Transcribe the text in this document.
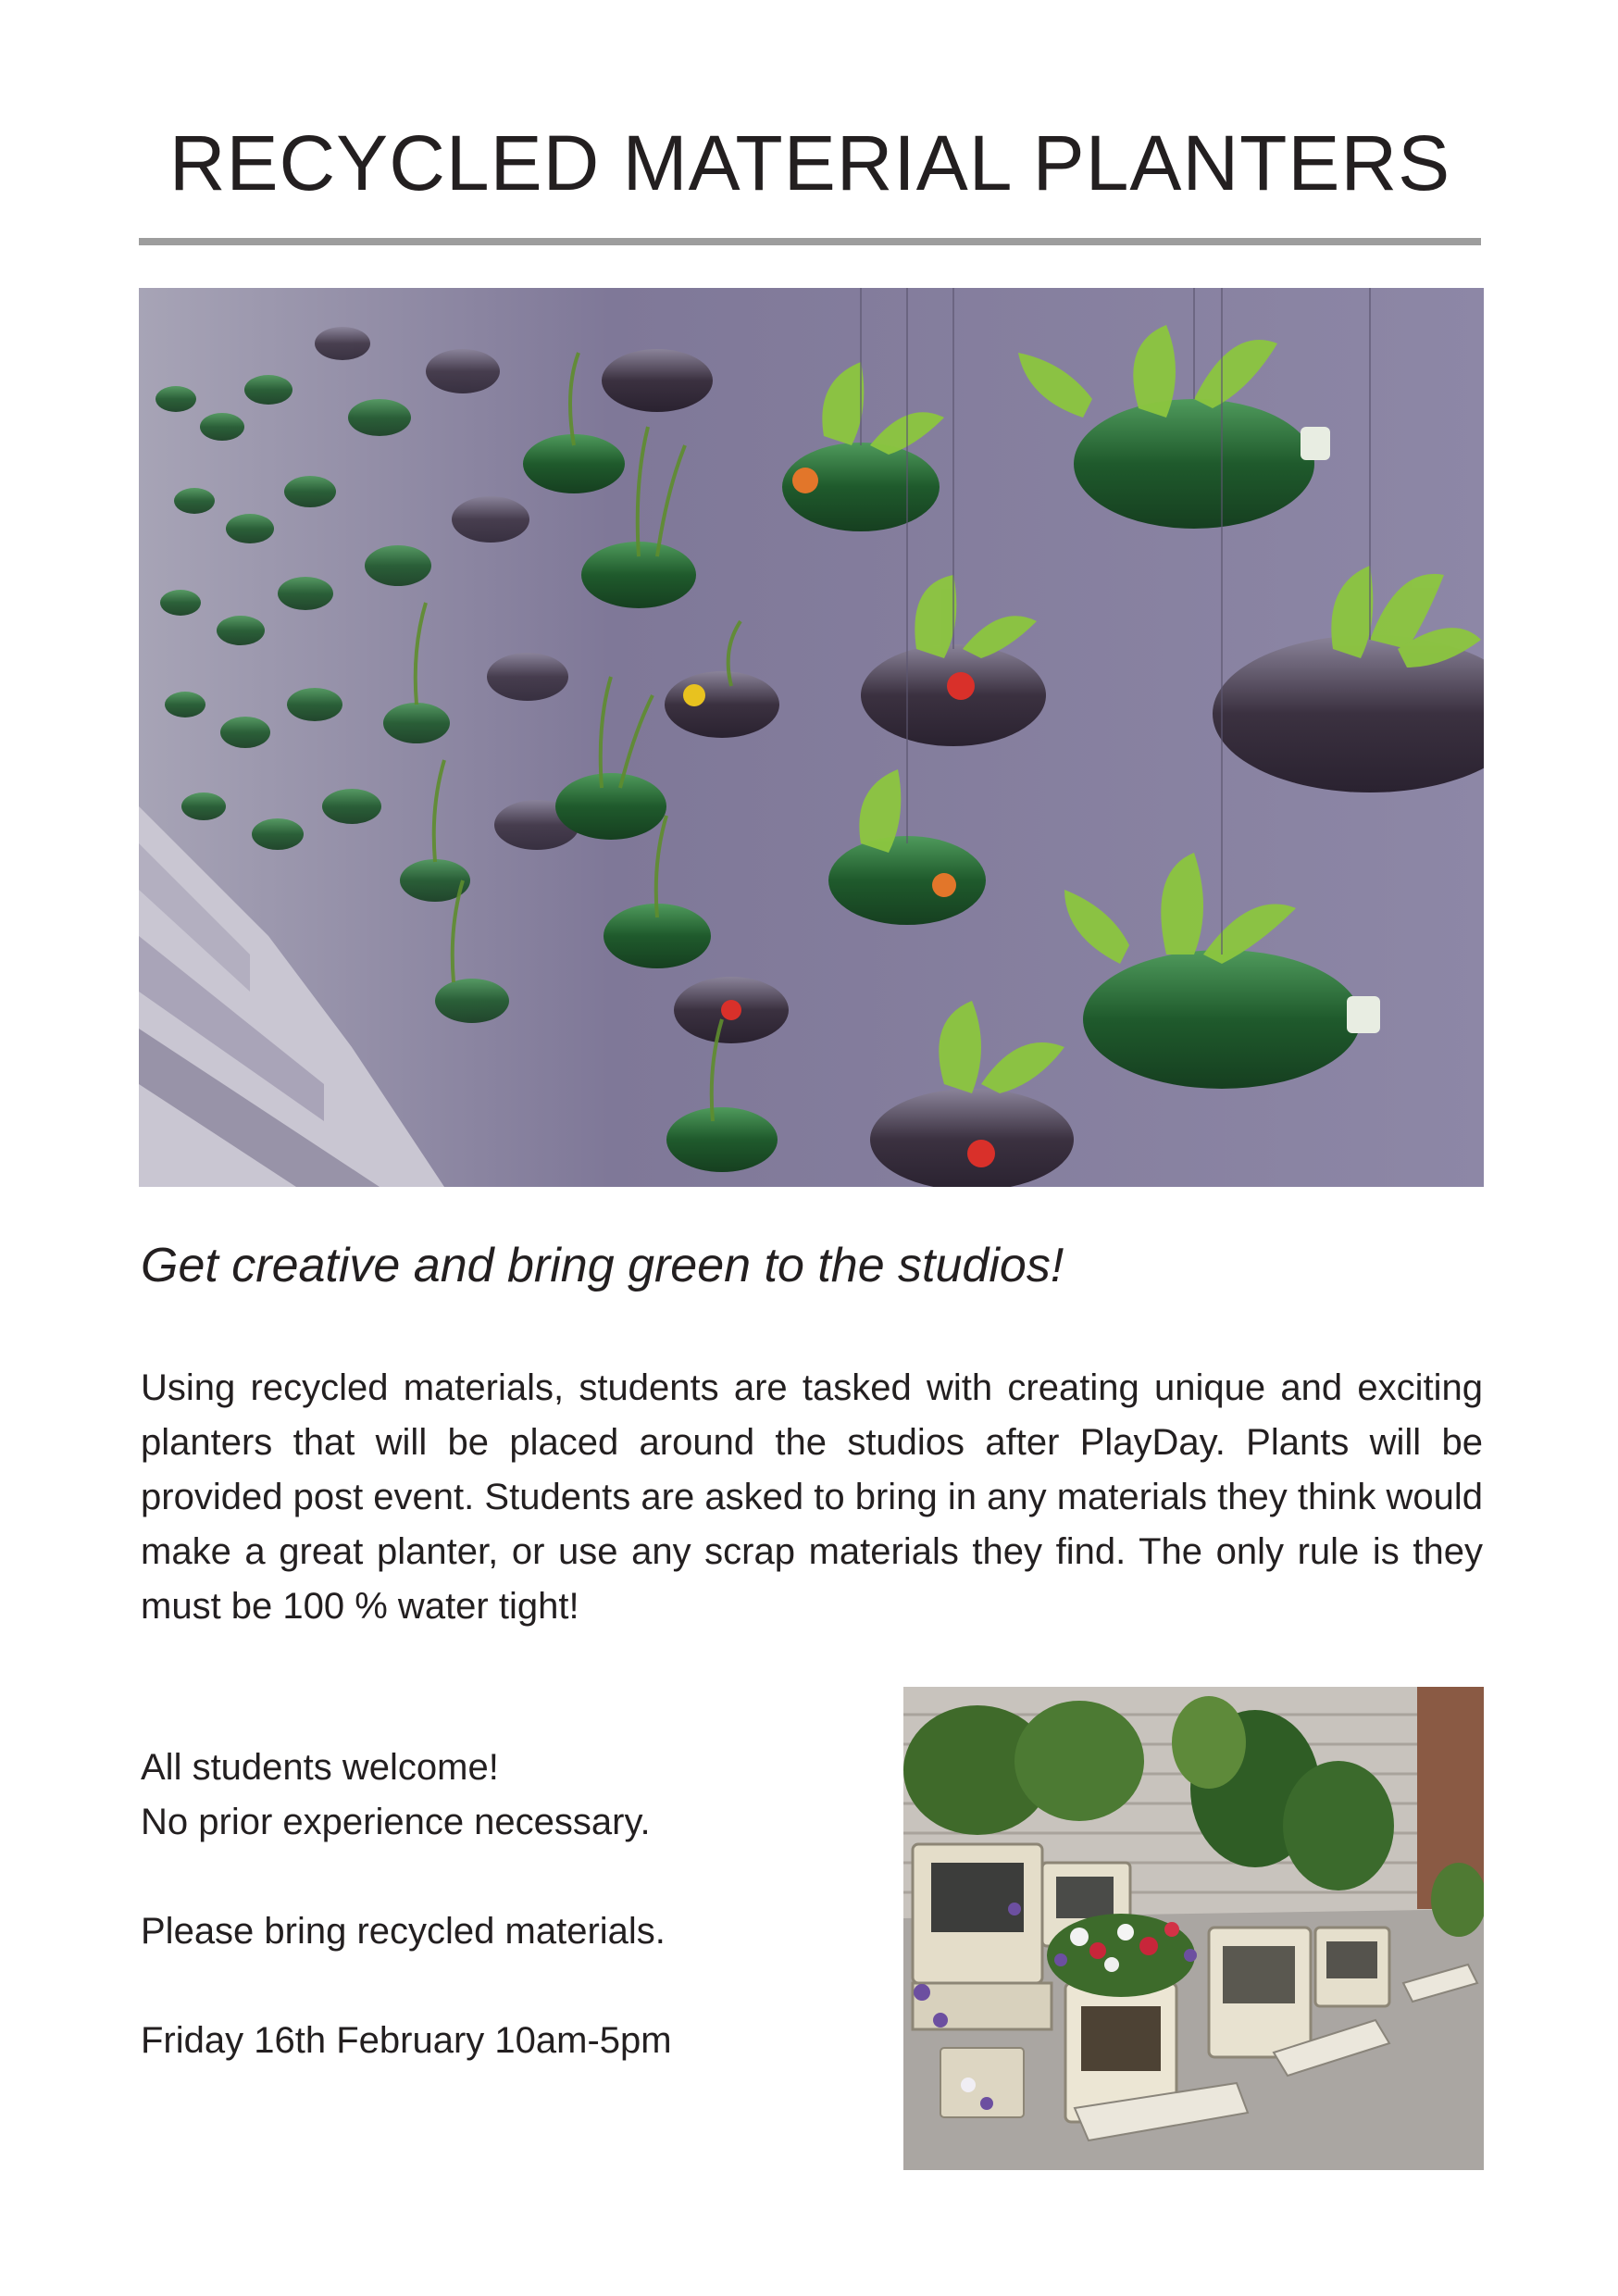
RECYCLED MATERIAL PLANTERS

Get creative and bring green to the studios!

Using recycled materials, students are tasked with creating unique and exciting planters that will be placed around the studios after PlayDay. Plants will be provided post event. Students are asked to bring in any materials they think would make a great planter, or use any scrap materials they find. The only rule is they must be 100 % water tight!

All students welcome!

No prior experience necessary.

Please bring recycled materials.

Friday 16th February 10am-5pm
